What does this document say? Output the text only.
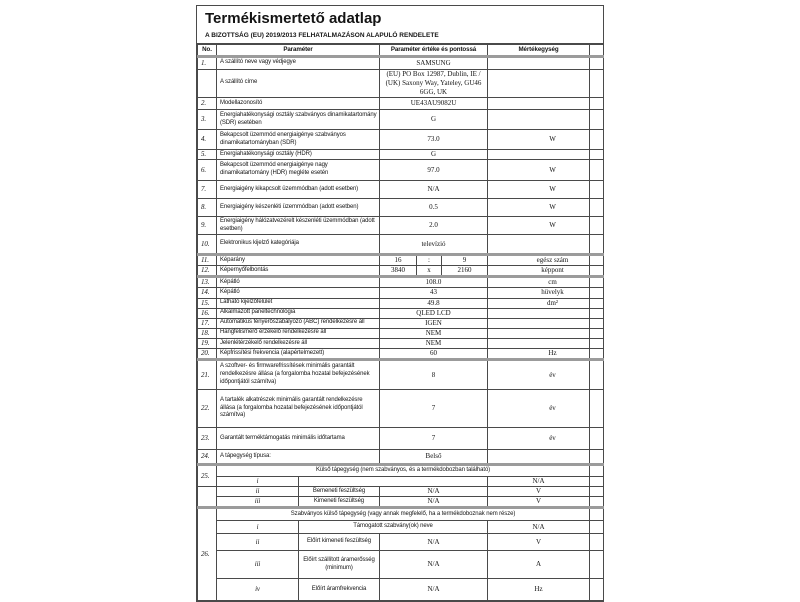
Termékismertető adatlap
A BIZOTTSÁG (EU) 2019/2013 FELHATALMAZÁSON ALAPULÓ RENDELETE
No.	Paraméter		Paraméter értéke és pontossá			Mértékegység	
1.	A szállító neve vagy védjegye		SAMSUNG				
	A szállító címe		(EU) PO Box 12987, Dublin, IE / (UK) Saxony Way, Yateley, GU46 6GG, UK				
2.	Modellazonosító		UE43AU9082U				
3.	Energiahatékonysági osztály szabványos dinamikatartomány (SDR) esetében		G				
4.	Bekapcsolt üzemmód energiaigénye szabványos dinamikatartományban (SDR)		73.0			W	
5.	Energiahatékonysági osztály (HDR)		G				
6.	Bekapcsolt üzemmód energiaigénye nagy dinamikatartomány (HDR) megléte esetén		97.0			W	
7.	Energiaigény kikapcsolt üzemmódban (adott esetben)		N/A			W	
8.	Energiaigény készenléti üzemmódban (adott esetben)		0.5			W	
9.	Energiaigény hálózatvezérelt készenléti üzemmódban (adott esetben)		2.0			W	
10.	Elektronikus kijelző kategóriája		televízió				
11.	Képarány		16	:	9	egész szám	
12.	Képernyőfelbontás		3840	x	2160	képpont	
13.	Képátló		108.0			cm	
14.	Képátló		43			hüvelyk	
15.	Látható kijelzőfelület		49.8			dm²	
16.	Alkalmazott paneltechnológia		QLED LCD				
17.	Automatikus fényerőszabályozó (ABC) rendelkezésre áll		IGEN				
18.	Hangfelismerő érzékelő rendelkezésre áll		NEM				
19.	Jelenlétérzékelő rendelkezésre áll		NEM				
20.	Képfrissítési frekvencia (alapértelmezett)		60			Hz	
21.	A szoftver- és firmwarefrissítések minimális garantált rendelkezésre állása (a forgalomba hozatal befejezésének időpontjától számítva)		8			év	
22.	A tartalék alkatrészek minimális garantált rendelkezésre állása (a forgalomba hozatal befejezésének időpontjától számítva)		7			év	
23.	Garantált terméktámogatás minimális időtartama		7			év	
24.	A tápegység típusa:		Belső				
25.	Külső tápegység (nem szabványos, és a termékdobozban található)						
	i					N/A	
	ii	Bemeneti feszültség	N/A			V	
	iii	Kimeneti feszültség	N/A			V	
26.	Szabványos külső tápegység (vagy annak megfelelő, ha a termékdoboznak nem része)						
	i	Támogatott szabvány(ok) neve				N/A	
	ii	Előírt kimeneti feszültség	N/A			V	
	iii	Előírt szállított áramerősség (minimum)	N/A			A	
	iv	Előírt áramfrekvencia	N/A			Hz	
